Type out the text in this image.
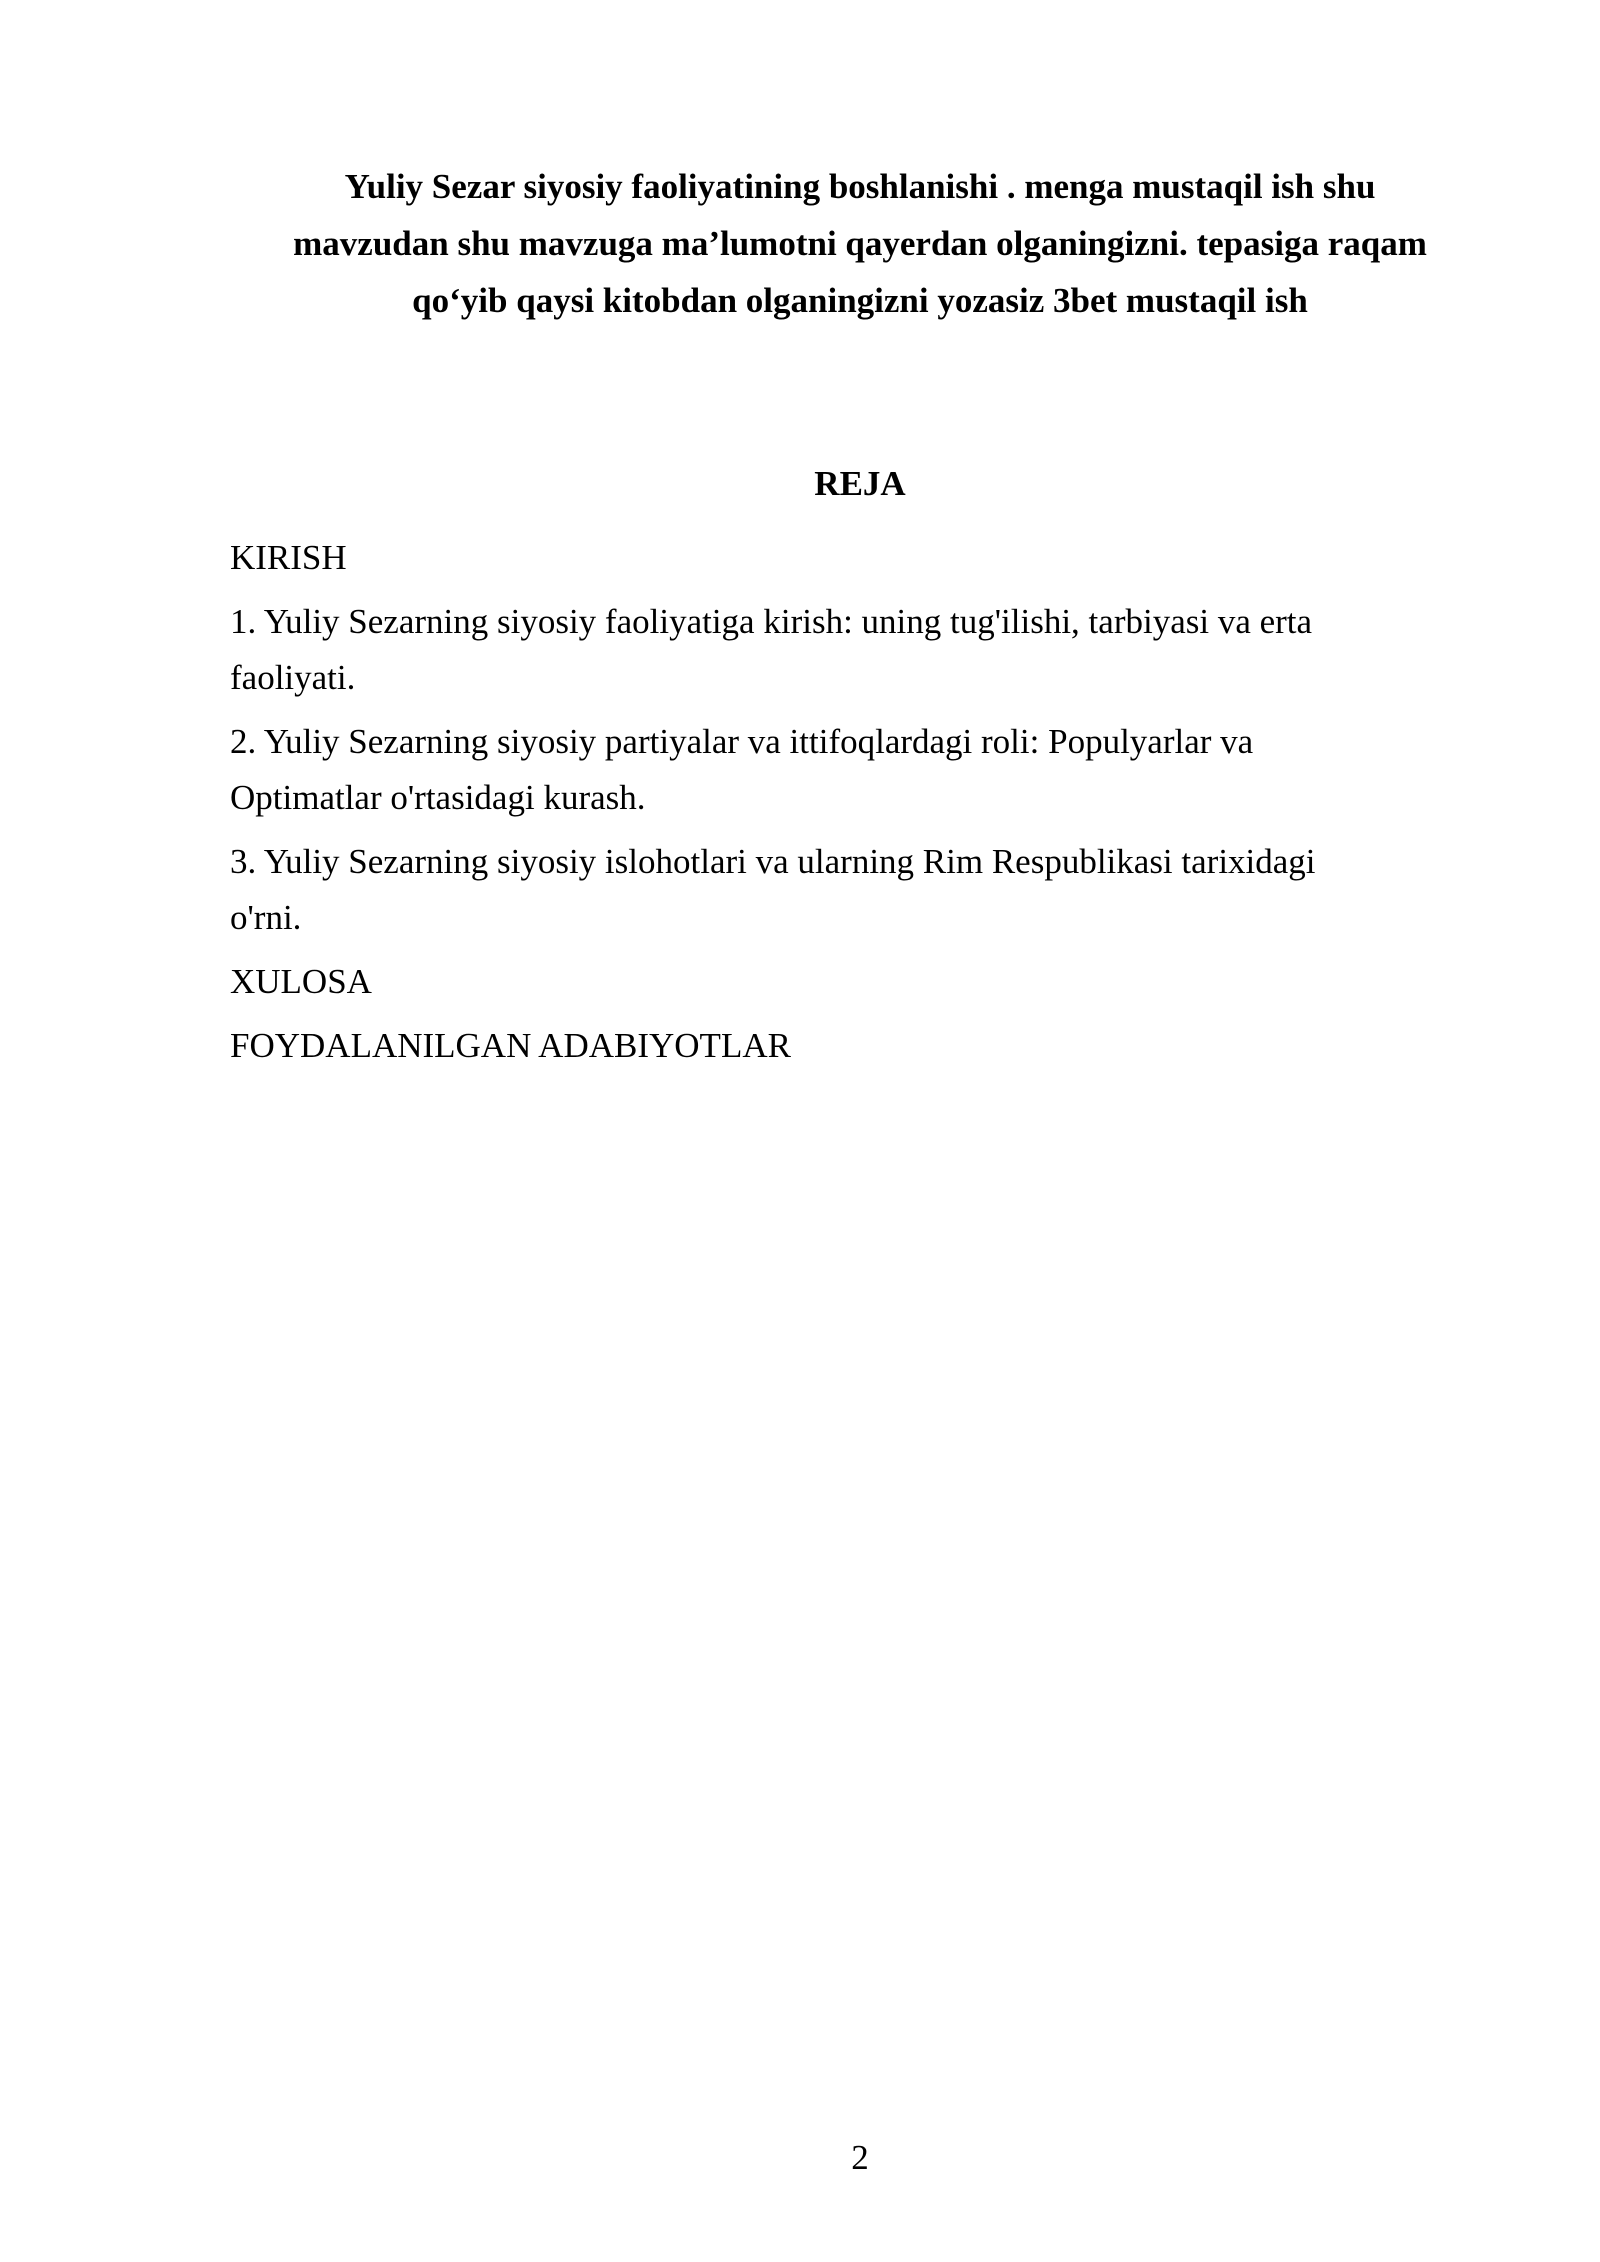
Yuliy Sezar siyosiy faoliyatining boshlanishi . menga mustaqil ish shu
mavzudan shu mavzuga ma’lumotni qayerdan olganingizni. tepasiga raqam
qo‘yib qaysi kitobdan olganingizni yozasiz 3bet mustaqil ish
REJA
KIRISH
1. Yuliy Sezarning siyosiy faoliyatiga kirish: uning tug'ilishi, tarbiyasi va erta
faoliyati.
2. Yuliy Sezarning siyosiy partiyalar va ittifoqlardagi roli: Populyarlar va
Optimatlar o'rtasidagi kurash.
3. Yuliy Sezarning siyosiy islohotlari va ularning Rim Respublikasi tarixidagi
o'rni.
XULOSA
FOYDALANILGAN ADABIYOTLAR
2
